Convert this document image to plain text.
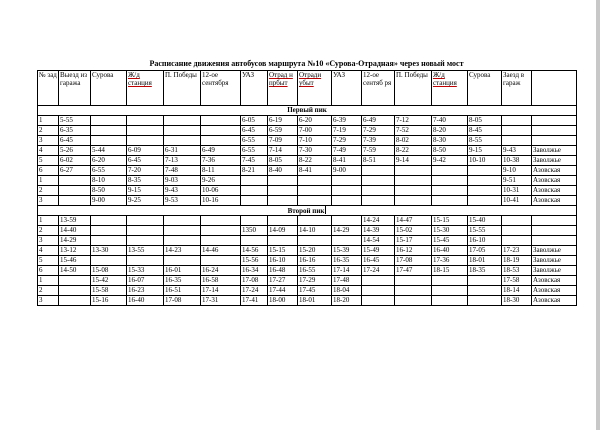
Расписание движения автобусов маршрута №10 «Сурова-Отрадная» через новый мост
№ зад	Выезд из гаража	Сурова	Ж/д станция	П. Победы	12-ое сентября	УАЗ	Отрад н прбыт	Отради убыт	УАЗ	12-ое сентяб ря	П. Победы	Ж/д станция	Сурова	Заезд в гараж	
Первый пик															
1	5-55					6-05	6-19	6-20	6-39	6-49	7-12	7-40	8-05		
2	6-35					6-45	6-59	7-00	7-19	7-29	7-52	8-20	8-45		
3	6-45					6-55	7-09	7-10	7-29	7-39	8-02	8-30	8-55		
4	5-26	5-44	6-09	6-31	6-49	6-55	7-14	7-30	7-49	7-59	8-22	8-50	9-15	9-43	Заволжье
5	6-02	6-20	6-45	7-13	7-36	7-45	8-05	8-22	8-41	8-51	9-14	9-42	10-10	10-38	Заволжье
6	6-27	6-55	7-20	7-48	8-11	8-21	8-40	8-41	9-00					9-10	Азовская
1		8-10	8-35	9-03	9-26									9-51	Азовская
2		8-50	9-15	9-43	10-06									10-31	Азовская
3		9-00	9-25	9-53	10-16									10-41	Азовская
Второй пик															
1	13-59									14-24	14-47	15-15	15-40		
2	14-40					1350	14-09	14-10	14-29	14-39	15-02	15-30	15-55		
3	14-29									14-54	15-17	15-45	16-10		
4	13-12	13-30	13-55	14-23	14-46	14-56	15-15	15-20	15-39	15-49	16-12	16-40	17-05	17-23	Заволжье
5	15-46					15-56	16-10	16-16	16-35	16-45	17-08	17-36	18-01	18-19	Заволжье
6	14-50	15-08	15-33	16-01	16-24	16-34	16-48	16-55	17-14	17-24	17-47	18-15	18-35	18-53	Заволжье
1		15-42	16-07	16-35	16-58	17-08	17-27	17-29	17-48					17-58	Азовская
2		15-58	16-23	16-51	17-14	17-24	17-44	17-45	18-04					18-14	Азовская
3		15-16	16-40	17-08	17-31	17-41	18-00	18-01	18-20					18-30	Азовская
